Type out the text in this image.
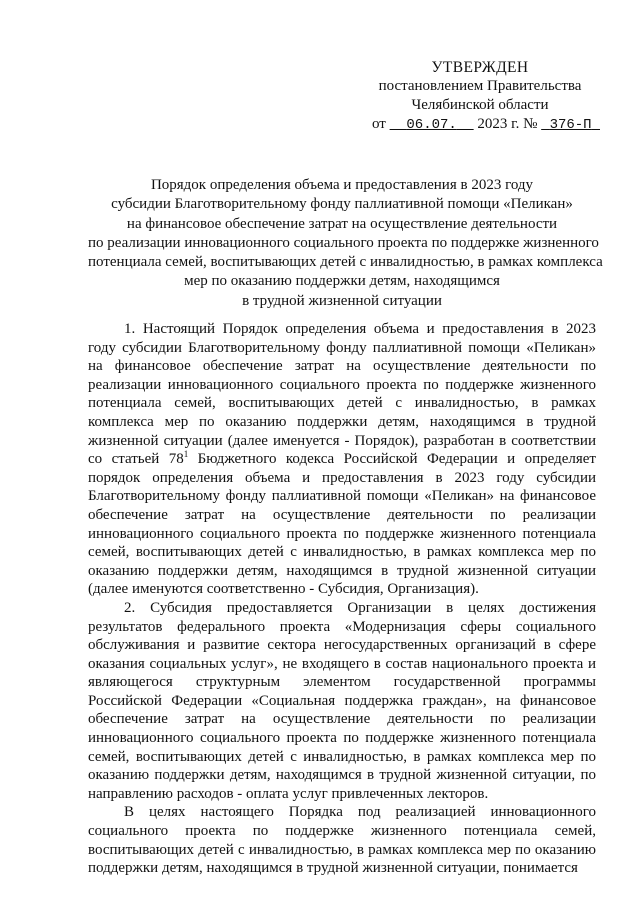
УТВЕРЖДЕН
постановлением Правительства
Челябинской области
от 06.07. 2023 г. № 376-П
Порядок определения объема и предоставления в 2023 году
субсидии Благотворительному фонду паллиативной помощи «Пеликан»
на финансовое обеспечение затрат на осуществление деятельности
по реализации инновационного социального проекта по поддержке жизненного
потенциала семей, воспитывающих детей с инвалидностью, в рамках комплекса
мер по оказанию поддержки детям, находящимся
в трудной жизненной ситуации

1. Настоящий Порядок определения объема и предоставления в 2023 году субсидии Благотворительному фонду паллиативной помощи «Пеликан» на финансовое обеспечение затрат на осуществление деятельности по реализации инновационного социального проекта по поддержке жизненного потенциала семей, воспитывающих детей с инвалидностью, в рамках комплекса мер по оказанию поддержки детям, находящимся в трудной жизненной ситуации (далее именуется - Порядок), разработан в соответствии со статьей $78^1$ Бюджетного кодекса Российской Федерации и определяет порядок определения объема и предоставления в 2023 году субсидии Благотворительному фонду паллиативной помощи «Пеликан» на финансовое обеспечение затрат на осуществление деятельности по реализации инновационного социального проекта по поддержке жизненного потенциала семей, воспитывающих детей с инвалидностью, в рамках комплекса мер по оказанию поддержки детям, находящимся в трудной жизненной ситуации (далее именуются соответственно - Субсидия, Организация).

2. Субсидия предоставляется Организации в целях достижения результатов федерального проекта «Модернизация сферы социального обслуживания и развитие сектора негосударственных организаций в сфере оказания социальных услуг», не входящего в состав национального проекта и являющегося структурным элементом государственной программы Российской Федерации «Социальная поддержка граждан», на финансовое обеспечение затрат на осуществление деятельности по реализации инновационного социального проекта по поддержке жизненного потенциала семей, воспитывающих детей с инвалидностью, в рамках комплекса мер по оказанию поддержки детям, находящимся в трудной жизненной ситуации, по направлению расходов - оплата услуг привлеченных лекторов.

В целях настоящего Порядка под реализацией инновационного социального проекта по поддержке жизненного потенциала семей, воспитывающих детей с инвалидностью, в рамках комплекса мер по оказанию поддержки детям, находящимся в трудной жизненной ситуации, понимается
